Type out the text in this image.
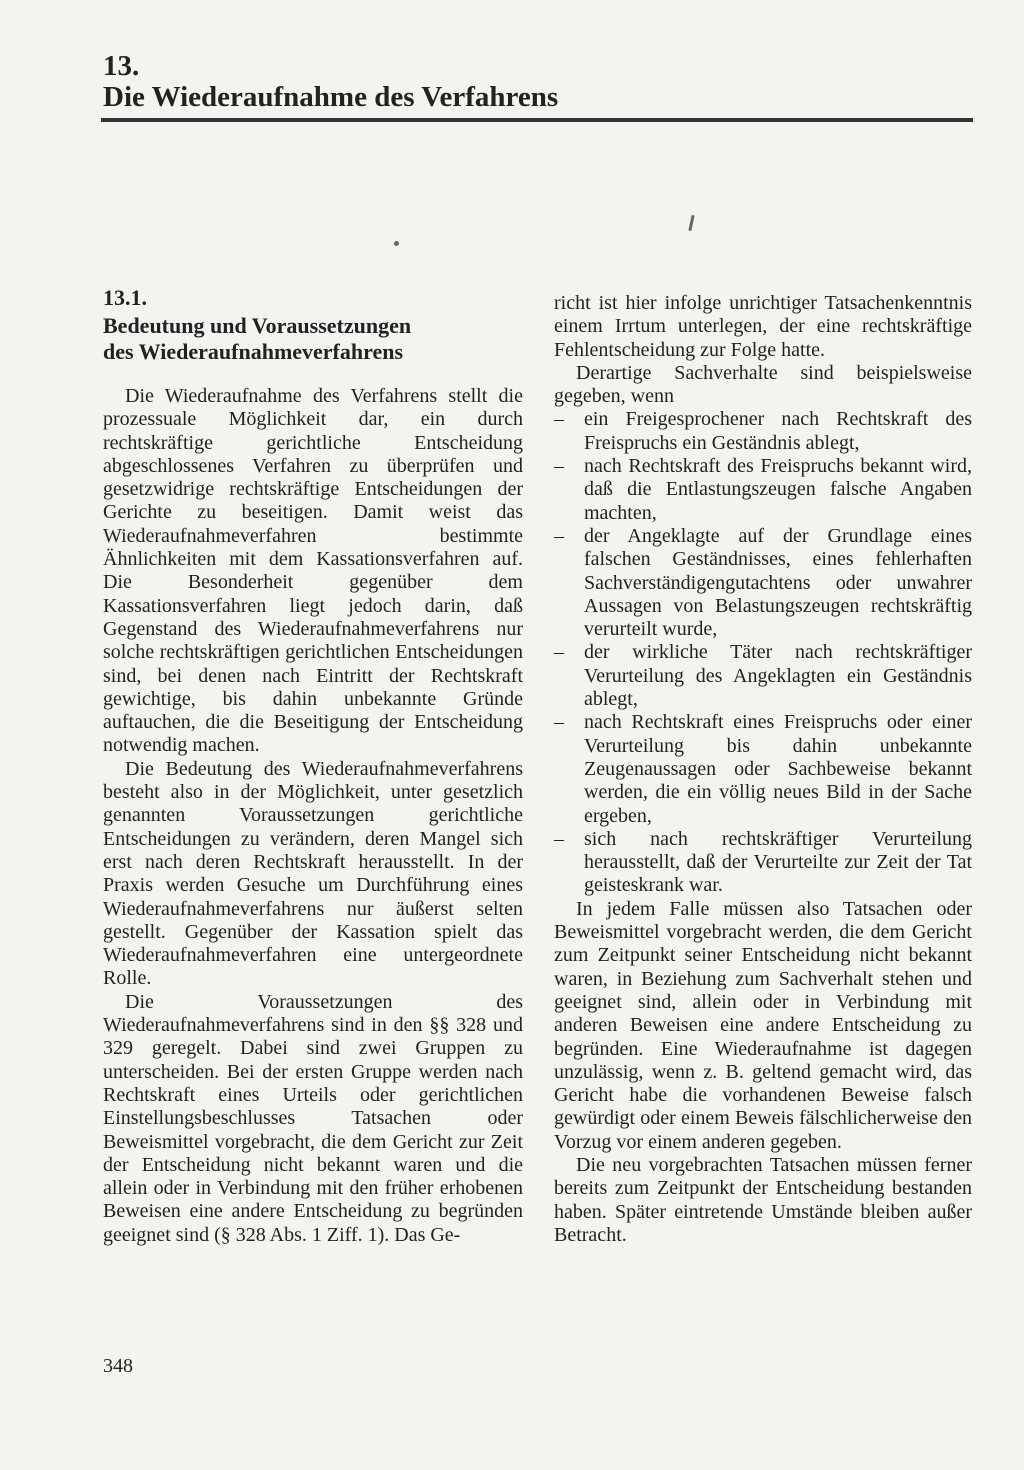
13.
Die Wiederaufnahme des Verfahrens
13.1.
Bedeutung und Voraussetzungen
des Wiederaufnahmeverfahrens

Die Wiederaufnahme des Verfahrens stellt die prozessuale Möglichkeit dar, ein durch rechtskräftige gerichtliche Entscheidung abgeschlossenes Verfahren zu überprüfen und gesetzwidrige rechtskräftige Entscheidungen der Gerichte zu beseitigen. Damit weist das Wiederaufnahmeverfahren bestimmte Ähnlichkeiten mit dem Kassationsverfahren auf. Die Besonderheit gegenüber dem Kassationsverfahren liegt jedoch darin, daß Gegenstand des Wiederaufnahmeverfahrens nur solche rechtskräftigen gerichtlichen Entscheidungen sind, bei denen nach Eintritt der Rechtskraft gewichtige, bis dahin unbekannte Gründe auftauchen, die die Beseitigung der Entscheidung notwendig machen.

Die Bedeutung des Wiederaufnahmeverfahrens besteht also in der Möglichkeit, unter gesetzlich genannten Voraussetzungen gerichtliche Entscheidungen zu verändern, deren Mangel sich erst nach deren Rechtskraft herausstellt. In der Praxis werden Gesuche um Durchführung eines Wiederaufnahmeverfahrens nur äußerst selten gestellt. Gegenüber der Kassation spielt das Wiederaufnahmeverfahren eine untergeordnete Rolle.

Die Voraussetzungen des Wiederaufnahmeverfahrens sind in den §§ 328 und 329 geregelt. Dabei sind zwei Gruppen zu unterscheiden. Bei der ersten Gruppe werden nach Rechtskraft eines Urteils oder gerichtlichen Einstellungsbeschlusses Tatsachen oder Beweismittel vorgebracht, die dem Gericht zur Zeit der Entscheidung nicht bekannt waren und die allein oder in Verbindung mit den früher erhobenen Beweisen eine andere Entscheidung zu begründen geeignet sind (§ 328 Abs. 1 Ziff. 1). Das Ge-

richt ist hier infolge unrichtiger Tatsachenkenntnis einem Irrtum unterlegen, der eine rechtskräftige Fehlentscheidung zur Folge hatte.

Derartige Sachverhalte sind beispielsweise gegeben, wenn

– ein Freigesprochener nach Rechtskraft des Freispruchs ein Geständnis ablegt,
– nach Rechtskraft des Freispruchs bekannt wird, daß die Entlastungszeugen falsche Angaben machten,
– der Angeklagte auf der Grundlage eines falschen Geständnisses, eines fehlerhaften Sachverständigengutachtens oder unwahrer Aussagen von Belastungszeugen rechtskräftig verurteilt wurde,
– der wirkliche Täter nach rechtskräftiger Verurteilung des Angeklagten ein Geständnis ablegt,
– nach Rechtskraft eines Freispruchs oder einer Verurteilung bis dahin unbekannte Zeugenaussagen oder Sachbeweise bekannt werden, die ein völlig neues Bild in der Sache ergeben,
– sich nach rechtskräftiger Verurteilung herausstellt, daß der Verurteilte zur Zeit der Tat geisteskrank war.

In jedem Falle müssen also Tatsachen oder Beweismittel vorgebracht werden, die dem Gericht zum Zeitpunkt seiner Entscheidung nicht bekannt waren, in Beziehung zum Sachverhalt stehen und geeignet sind, allein oder in Verbindung mit anderen Beweisen eine andere Entscheidung zu begründen. Eine Wiederaufnahme ist dagegen unzulässig, wenn z. B. geltend gemacht wird, das Gericht habe die vorhandenen Beweise falsch gewürdigt oder einem Beweis fälschlicherweise den Vorzug vor einem anderen gegeben.

Die neu vorgebrachten Tatsachen müssen ferner bereits zum Zeitpunkt der Entscheidung bestanden haben. Später eintretende Umstände bleiben außer Betracht.

348
